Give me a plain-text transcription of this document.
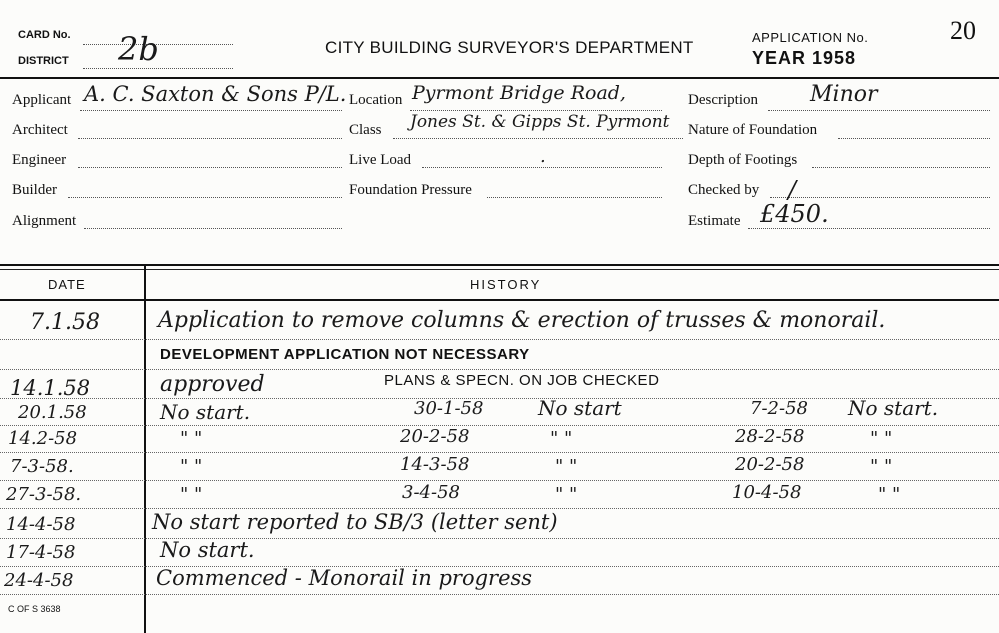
CARD No.
DISTRICT 2b	CITY BUILDING SURVEYOR'S DEPARTMENT
APPLICATION No.
YEAR 1958
20
Applicant A. C. Saxton & Sons P/L.
Architect
Engineer
Builder
Alignment
Location Pyrmont Bridge Road,
Class Jones St. & Gipps St. Pyrmont
Live Load	.
Foundation Pressure
Description Minor
Nature of Foundation
Depth of Footings
Checked by /
Estimate £450.
DATE	HISTORY
7.1.58	Application to remove columns & erection of trusses & monorail.
DEVELOPMENT APPLICATION NOT NECESSARY
14.1.58	approved	PLANS & SPECN. ON JOB CHECKED
20.1.58	No start.	30-1-58	No start	7-2-58 No start.
14.2-58	" "	20-2-58	" "	28-2-58	" "
7-3-58.	" "	14-3-58	" "	20-2-58	" "
27-3-58.	" "	3-4-58	" "	10-4-58	" "
14-4-58	No start reported to SB/3 (letter sent)
17-4-58	No start.
24-4-58	Commenced - Monorail in progress
C OF S 3638
